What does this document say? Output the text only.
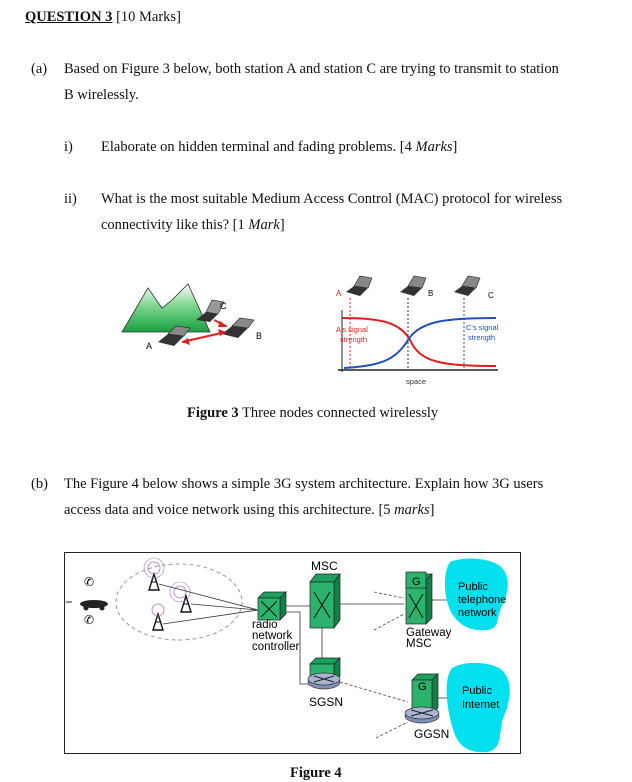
QUESTION 3 [10 Marks]
(a) Based on Figure 3 below, both station A and station C are trying to transmit to station
B wirelessly.
i) Elaborate on hidden terminal and fading problems. [4 Marks]
ii) What is the most suitable Medium Access Control (MAC) protocol for wireless
connectivity like this? [1 Mark]
A
B
C
A	B	C
A's signal
strength
C's signal
strength
space
Figure 3 Three nodes connected wirelessly
(b) The Figure 4 below shows a simple 3G system architecture. Explain how 3G users
access data and voice network using this architecture. [5 marks]
✆
✆	radio
network
controller
MSC
G
Gateway
MSC
Public
telephone
network
SGSN
G
GGSN
Public
Internet
Figure 4
